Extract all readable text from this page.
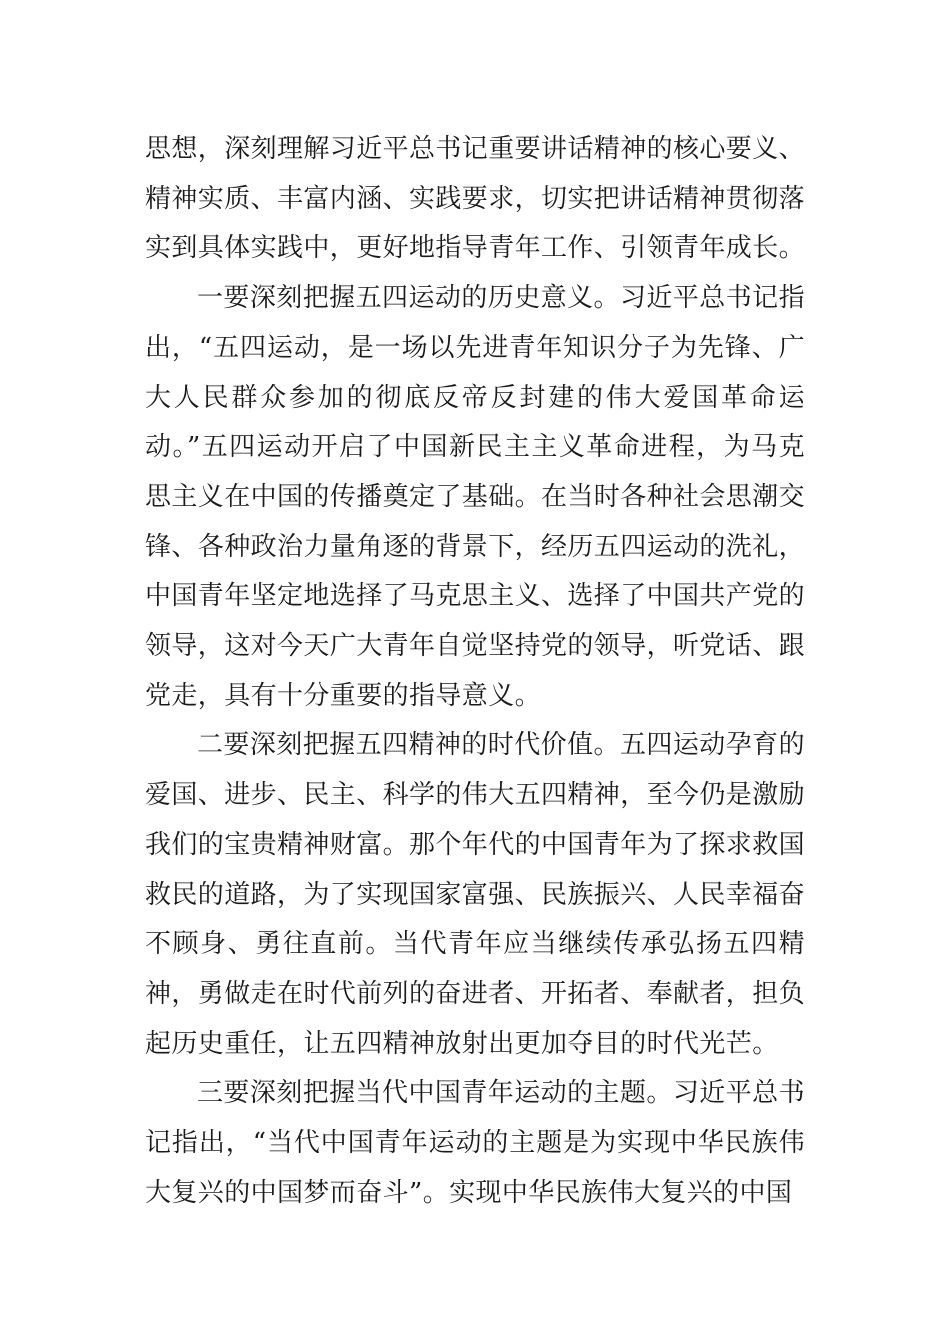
思想，深刻理解习近平总书记重要讲话精神的核心要义、精神实质、丰富内涵、实践要求，切实把讲话精神贯彻落实到具体实践中，更好地指导青年工作、引领青年成长。

一要深刻把握五四运动的历史意义。习近平总书记指出，“五四运动，是一场以先进青年知识分子为先锋、广大人民群众参加的彻底反帝反封建的伟大爱国革命运动。”五四运动开启了中国新民主主义革命进程，为马克思主义在中国的传播奠定了基础。在当时各种社会思潮交锋、各种政治力量角逐的背景下，经历五四运动的洗礼，中国青年坚定地选择了马克思主义、选择了中国共产党的领导，这对今天广大青年自觉坚持党的领导，听党话、跟党走，具有十分重要的指导意义。

二要深刻把握五四精神的时代价值。五四运动孕育的爱国、进步、民主、科学的伟大五四精神，至今仍是激励我们的宝贵精神财富。那个年代的中国青年为了探求救国救民的道路，为了实现国家富强、民族振兴、人民幸福奋不顾身、勇往直前。当代青年应当继续传承弘扬五四精神，勇做走在时代前列的奋进者、开拓者、奉献者，担负起历史重任，让五四精神放射出更加夺目的时代光芒。

三要深刻把握当代中国青年运动的主题。习近平总书记指出，“当代中国青年运动的主题是为实现中华民族伟大复兴的中国梦而奋斗”。实现中华民族伟大复兴的中国
